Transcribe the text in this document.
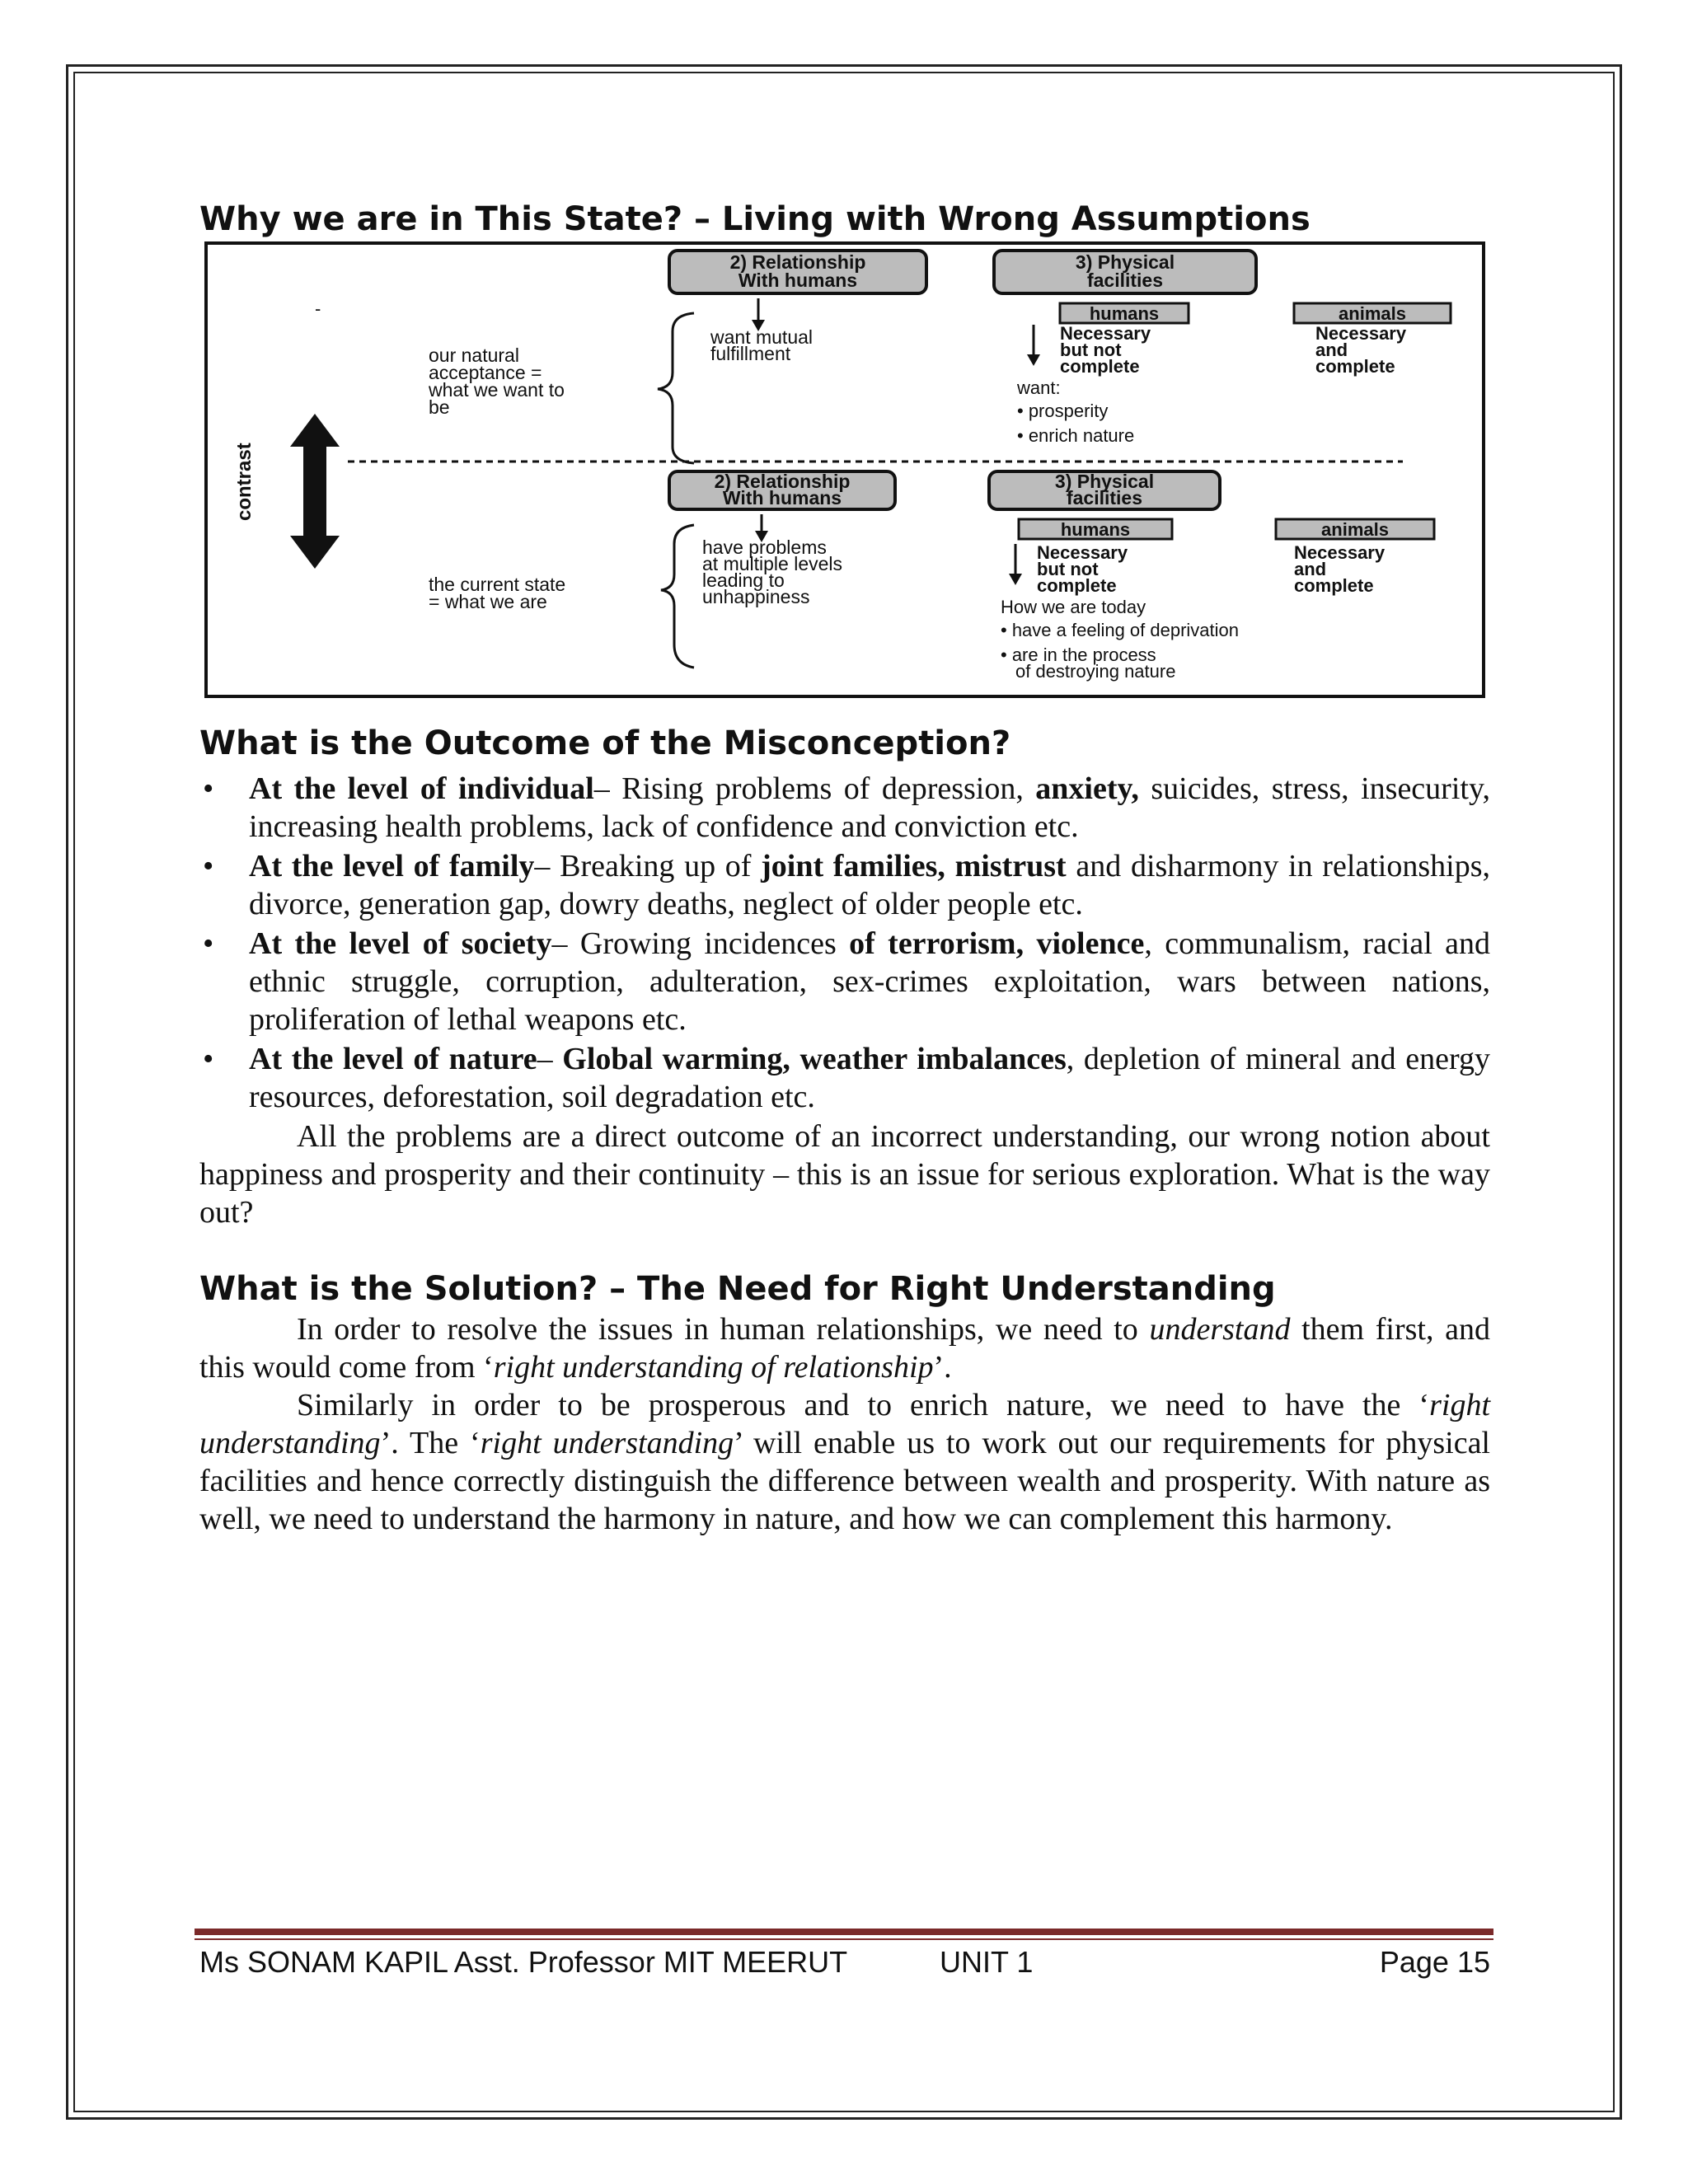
Why we are in This State? – Living with Wrong Assumptions
-
contrast
our natural
acceptance =
what we want to
be
2) Relationship
With humans
want mutual
fulfillment
3) Physical
facilities
humans	animals
Necessary
but not
complete
Necessary
and
complete
want:
• prosperity
• enrich nature
2) Relationship
With humans
have problems
at multiple levels
leading to
unhappiness
the current state
= what we are
3) Physical
facilities
humans	animals
Necessary
but not
complete
Necessary
and
complete
How we are today
• have a feeling of deprivation
• are in the process
of destroying nature
What is the Outcome of the Misconception?
• At the level of individual– Rising problems of depression, anxiety, suicides, stress, insecurity, increasing health problems, lack of confidence and conviction etc.
• At the level of family– Breaking up of joint families, mistrust and disharmony in relationships, divorce, generation gap, dowry deaths, neglect of older people etc.
• At the level of society– Growing incidences of terrorism, violence, communalism, racial and ethnic struggle, corruption, adulteration, sex-crimes exploitation, wars between nations, proliferation of lethal weapons etc.
• At the level of nature– Global warming, weather imbalances, depletion of mineral and energy resources, deforestation, soil degradation etc.

All the problems are a direct outcome of an incorrect understanding, our wrong notion about happiness and prosperity and their continuity – this is an issue for serious exploration. What is the way out?

What is the Solution? – The Need for Right Understanding

In order to resolve the issues in human relationships, we need to understand them first, and this would come from ‘right understanding of relationship’.

Similarly in order to be prosperous and to enrich nature, we need to have the ‘right understanding’. The ‘right understanding’ will enable us to work out our requirements for physical facilities and hence correctly distinguish the difference between wealth and prosperity. With nature as well, we need to understand the harmony in nature, and how we can complement this harmony.

Ms SONAM KAPIL Asst. Professor MIT MEERUT	UNIT 1	Page 15
